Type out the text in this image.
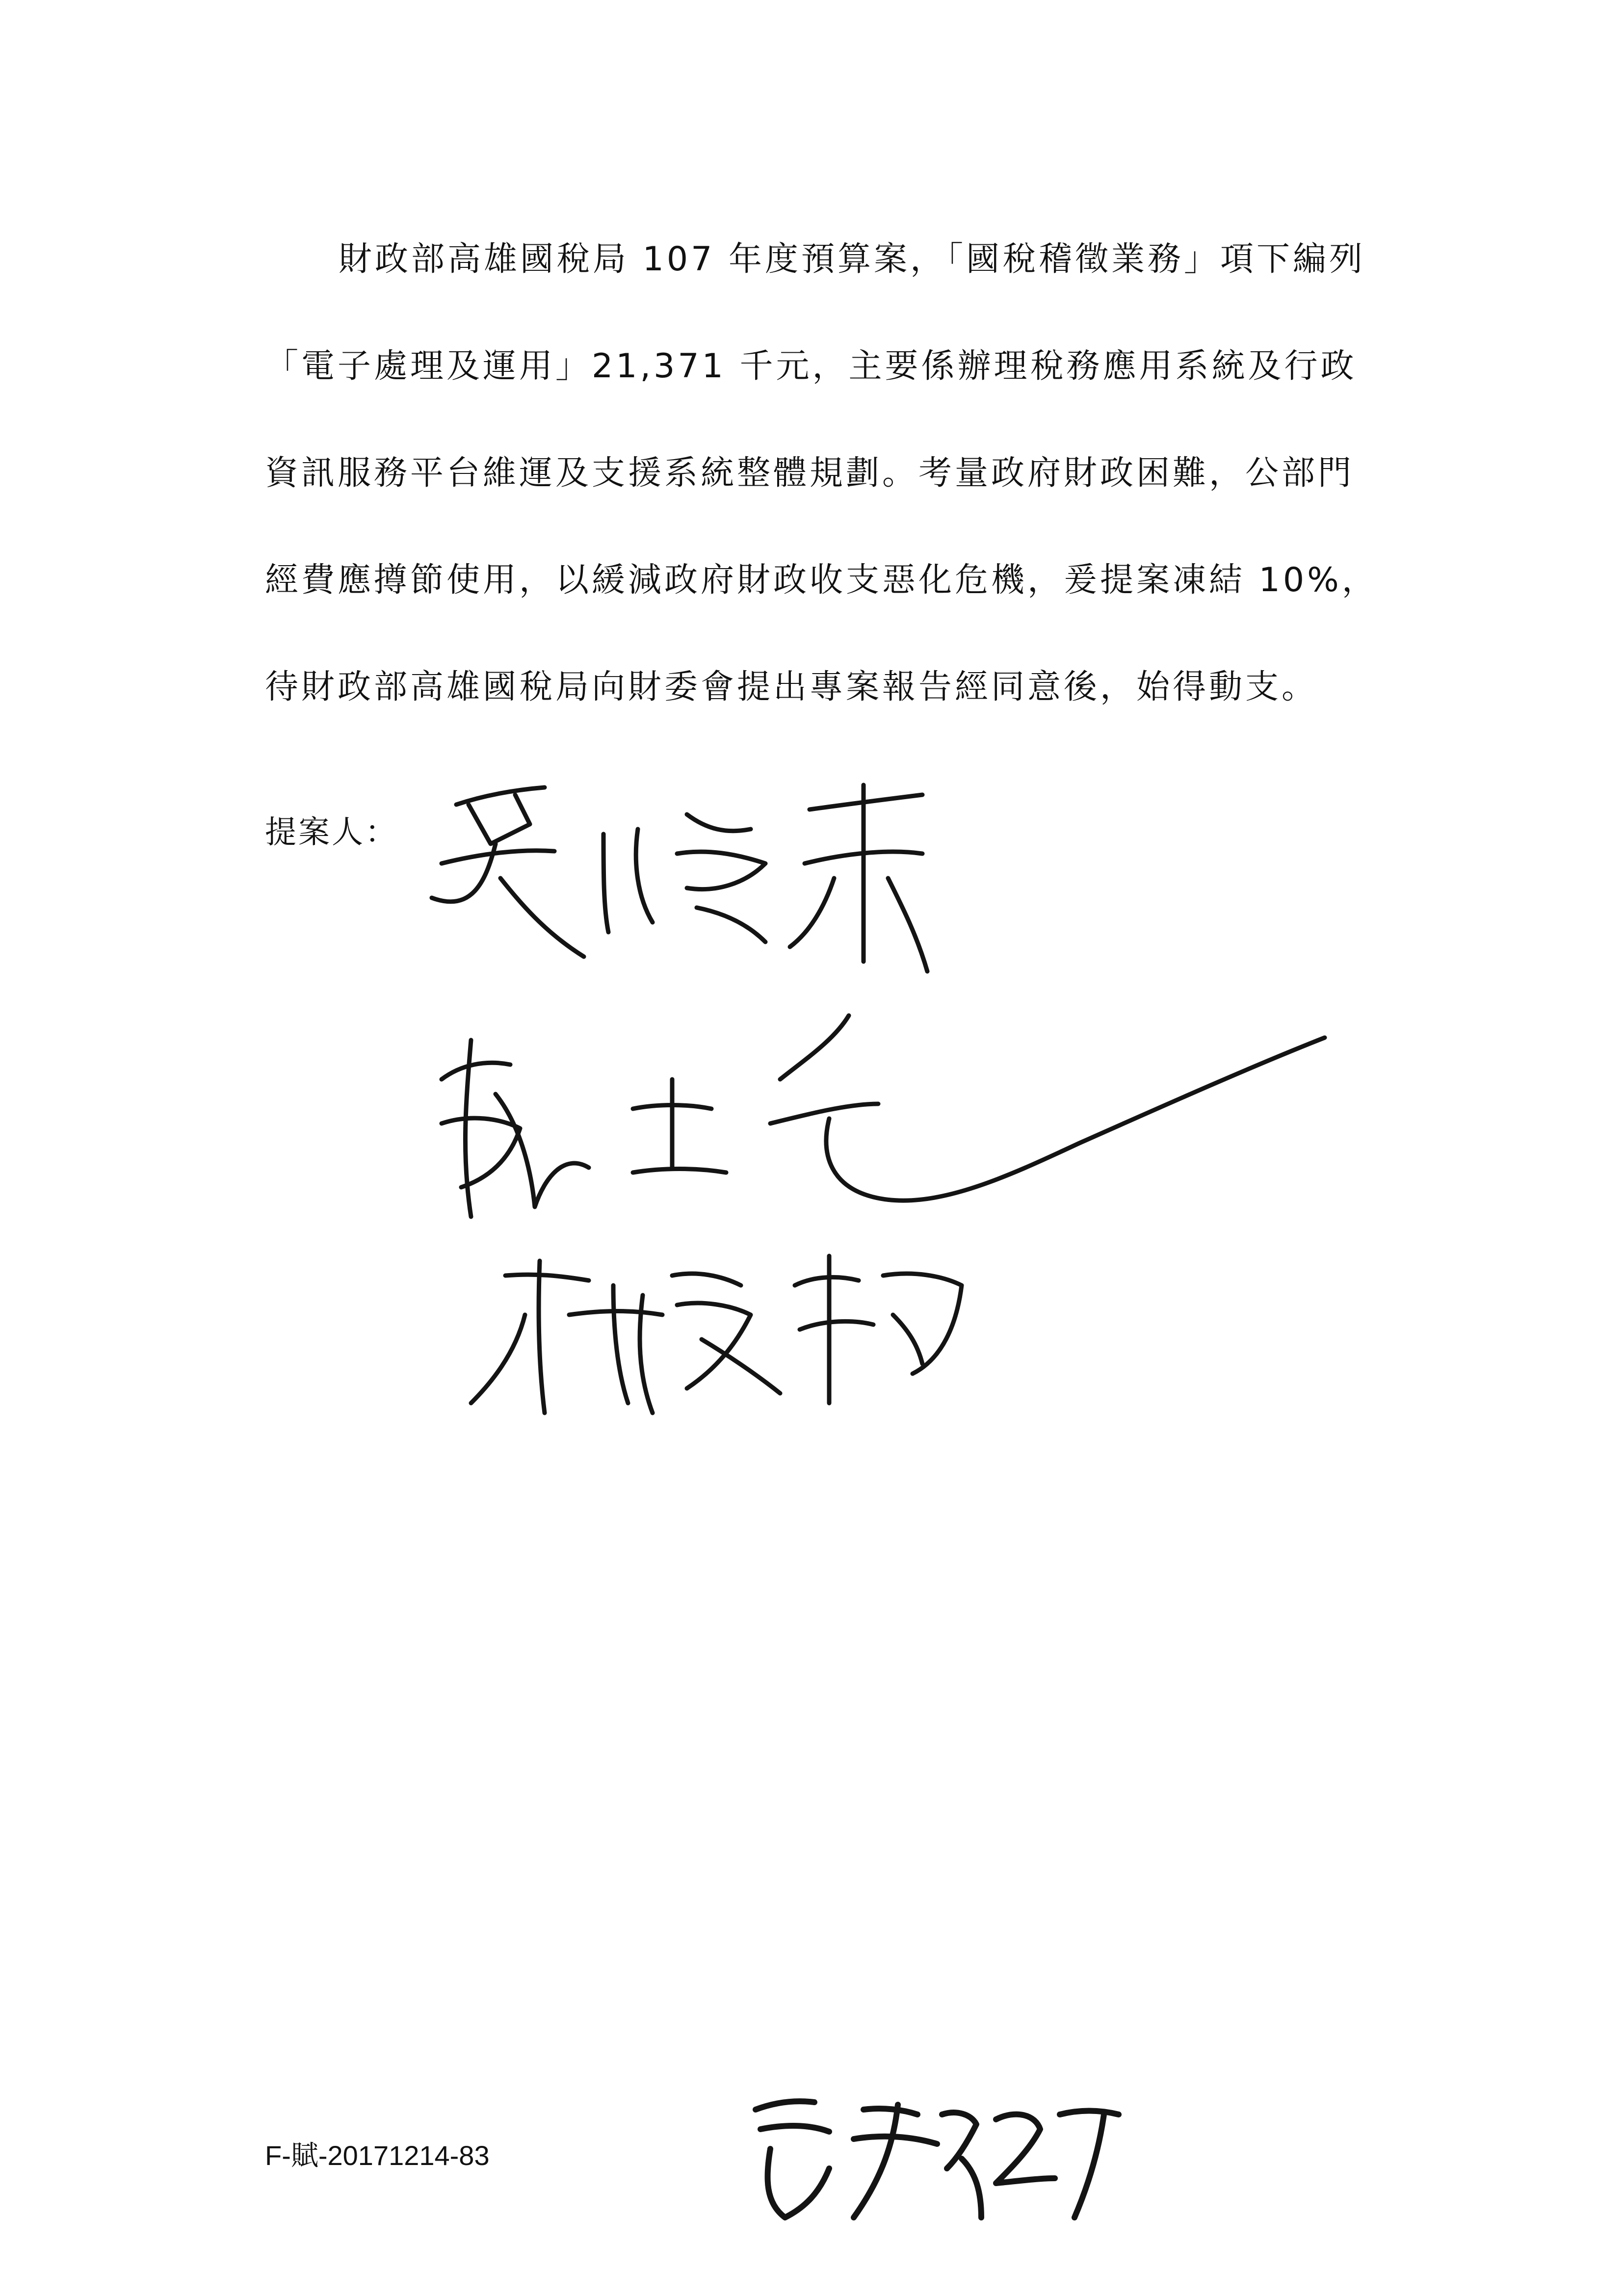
財政部高雄國稅局 107 年度預算案，「國稅稽徵業務」項下編列
「電子處理及運用」21,371 千元，主要係辦理稅務應用系統及行政
資訊服務平台維運及支援系統整體規劃。考量政府財政困難，公部門
經費應撙節使用，以緩減政府財政收支惡化危機，爰提案凍結 10%，
待財政部高雄國稅局向財委會提出專案報告經同意後，始得動支。
提案人：
F-賦-20171214-83
